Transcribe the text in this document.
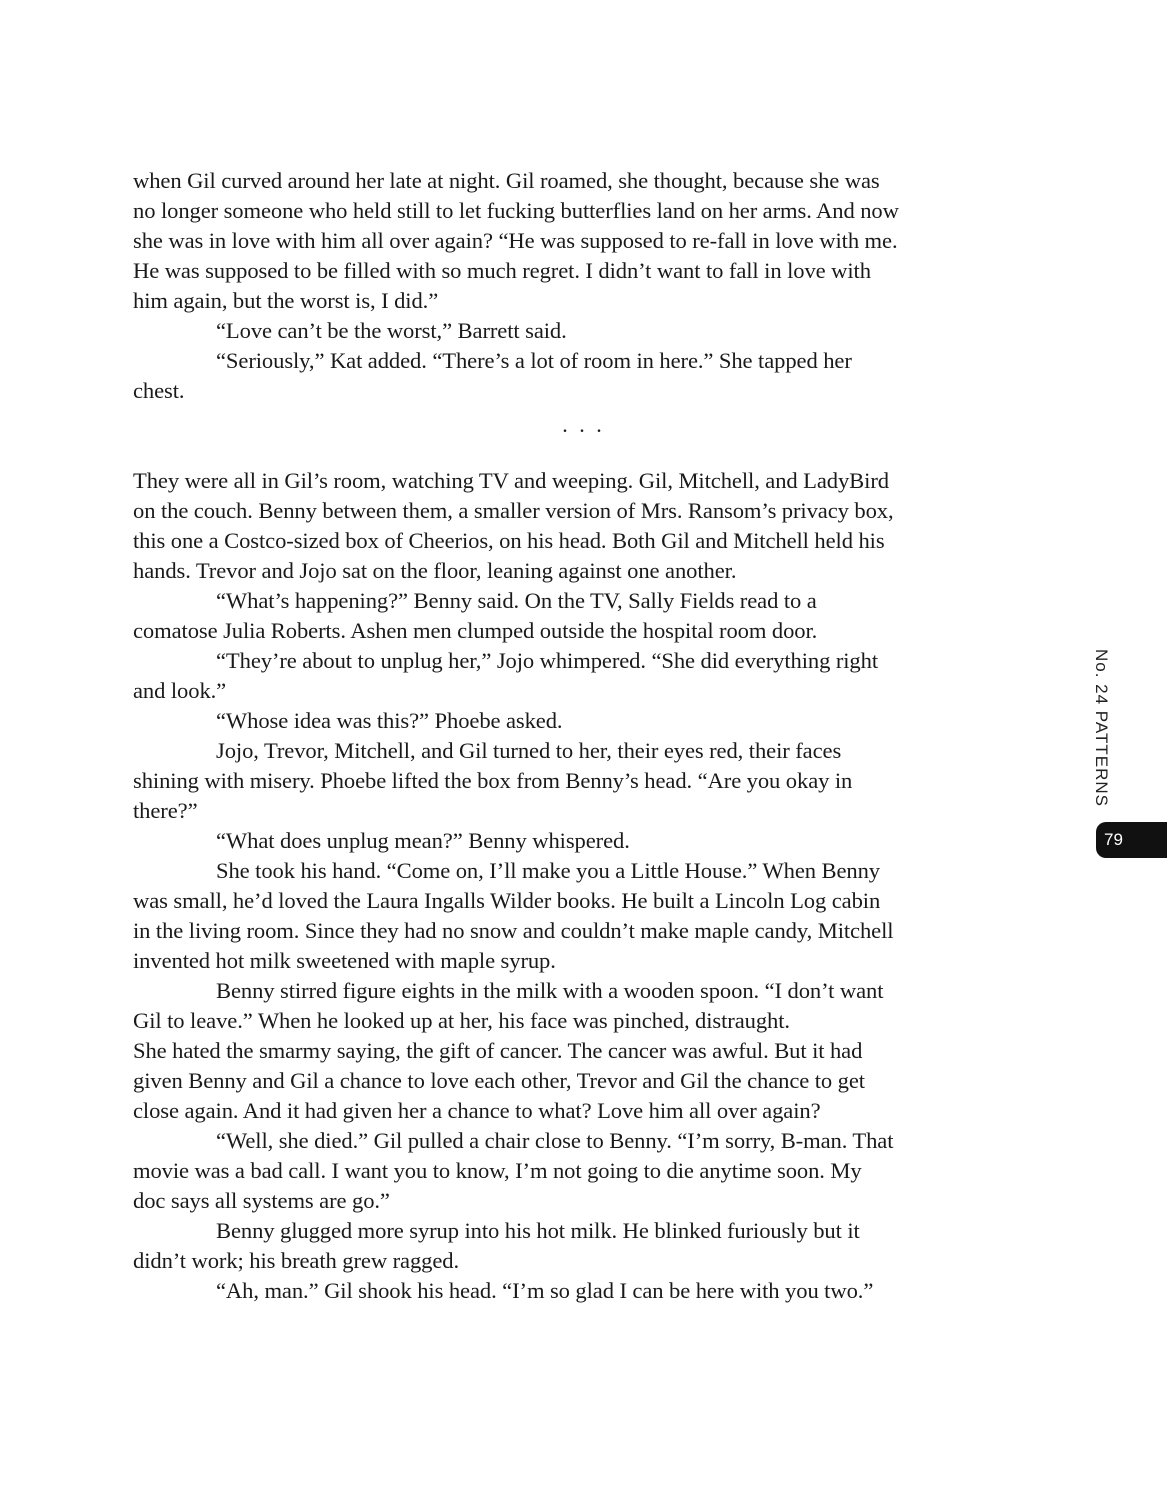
when Gil curved around her late at night. Gil roamed, she thought, because she was

no longer someone who held still to let fucking butterflies land on her arms. And now

she was in love with him all over again? “He was supposed to re-fall in love with me.

He was supposed to be filled with so much regret. I didn’t want to fall in love with

him again, but the worst is, I did.”

“Love can’t be the worst,” Barrett said.

“Seriously,” Kat added. “There’s a lot of room in here.” She tapped her

chest.

. . .

They were all in Gil’s room, watching TV and weeping. Gil, Mitchell, and LadyBird

on the couch. Benny between them, a smaller version of Mrs. Ransom’s privacy box,

this one a Costco-sized box of Cheerios, on his head. Both Gil and Mitchell held his

hands. Trevor and Jojo sat on the floor, leaning against one another.

“What’s happening?” Benny said. On the TV, Sally Fields read to a

comatose Julia Roberts. Ashen men clumped outside the hospital room door.

“They’re about to unplug her,” Jojo whimpered. “She did everything right

and look.”

“Whose idea was this?” Phoebe asked.

Jojo, Trevor, Mitchell, and Gil turned to her, their eyes red, their faces

shining with misery. Phoebe lifted the box from Benny’s head. “Are you okay in

there?”

“What does unplug mean?” Benny whispered.

She took his hand. “Come on, I’ll make you a Little House.” When Benny

was small, he’d loved the Laura Ingalls Wilder books. He built a Lincoln Log cabin

in the living room. Since they had no snow and couldn’t make maple candy, Mitchell

invented hot milk sweetened with maple syrup.

Benny stirred figure eights in the milk with a wooden spoon. “I don’t want

Gil to leave.” When he looked up at her, his face was pinched, distraught.

She hated the smarmy saying, the gift of cancer. The cancer was awful. But it had

given Benny and Gil a chance to love each other, Trevor and Gil the chance to get

close again. And it had given her a chance to what? Love him all over again?

“Well, she died.” Gil pulled a chair close to Benny. “I’m sorry, B-man. That

movie was a bad call. I want you to know, I’m not going to die anytime soon. My

doc says all systems are go.”

Benny glugged more syrup into his hot milk. He blinked furiously but it

didn’t work; his breath grew ragged.

“Ah, man.” Gil shook his head. “I’m so glad I can be here with you two.”

No. 24 PATTERNS
79
